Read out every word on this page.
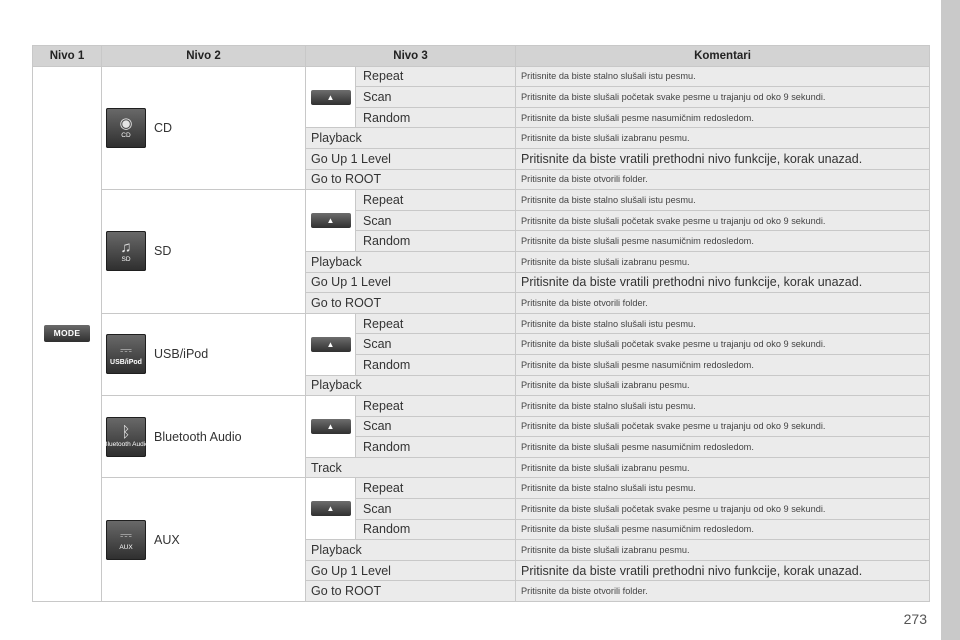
Nivo 1	Nivo 2	Nivo 3		Komentari
MODE	◉
CD
CD	▲	Repeat	Pritisnite da biste stalno slušali istu pesmu.
			Scan	Pritisnite da biste slušali početak svake pesme u trajanju od oko 9 sekundi.
			Random	Pritisnite da biste slušali pesme nasumičnim redosledom.
		Playback		Pritisnite da biste slušali izabranu pesmu.
		Go Up 1 Level		Pritisnite da biste vratili prethodni nivo funkcije, korak unazad.
		Go to ROOT		Pritisnite da biste otvorili folder.

	♫
SD
SD	▲	Repeat	Pritisnite da biste stalno slušali istu pesmu.
			Scan	Pritisnite da biste slušali početak svake pesme u trajanju od oko 9 sekundi.
			Random	Pritisnite da biste slušali pesme nasumičnim redosledom.
		Playback		Pritisnite da biste slušali izabranu pesmu.
		Go Up 1 Level		Pritisnite da biste vratili prethodni nivo funkcije, korak unazad.
		Go to ROOT		Pritisnite da biste otvorili folder.

	⎓
USB/iPod
USB/iPod	▲	Repeat	Pritisnite da biste stalno slušali istu pesmu.
			Scan	Pritisnite da biste slušali početak svake pesme u trajanju od oko 9 sekundi.
			Random	Pritisnite da biste slušali pesme nasumičnim redosledom.
		Playback		Pritisnite da biste slušali izabranu pesmu.

	ᛒ
Bluetooth Audio
Bluetooth Audio	▲	Repeat	Pritisnite da biste stalno slušali istu pesmu.
			Scan	Pritisnite da biste slušali početak svake pesme u trajanju od oko 9 sekundi.
			Random	Pritisnite da biste slušali pesme nasumičnim redosledom.
		Track		Pritisnite da biste slušali izabranu pesmu.

	⎓
AUX
AUX	▲	Repeat	Pritisnite da biste stalno slušali istu pesmu.
			Scan	Pritisnite da biste slušali početak svake pesme u trajanju od oko 9 sekundi.
			Random	Pritisnite da biste slušali pesme nasumičnim redosledom.
		Playback		Pritisnite da biste slušali izabranu pesmu.
		Go Up 1 Level		Pritisnite da biste vratili prethodni nivo funkcije, korak unazad.
		Go to ROOT		Pritisnite da biste otvorili folder.
273
